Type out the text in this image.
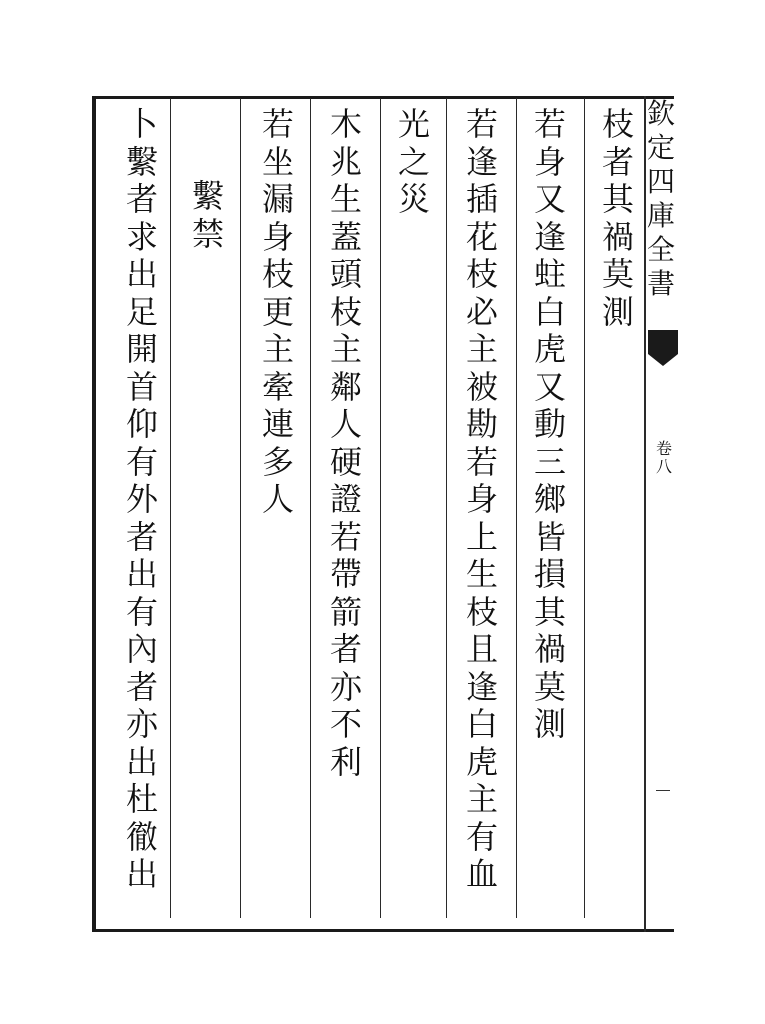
枝
者
其
禍
莫
測
若
身
又
逢
蛀
白
虎
又
動
三
鄉
皆
損
其
禍
莫
測
若
逢
插
花
枝
必
主
被
勘
若
身
上
生
枝
且
逢
白
虎
主
有
血
光
之
災
木
兆
生
蓋
頭
枝
主
鄰
人
硬
證
若
帶
箭
者
亦
不
利
若
坐
漏
身
枝
更
主
牽
連
多
人
繫
禁
卜
繫
者
求
出
足
開
首
仰
有
外
者
出
有
內
者
亦
出
杜
徹
出
欽
定
四
庫
全
書
卷
八
